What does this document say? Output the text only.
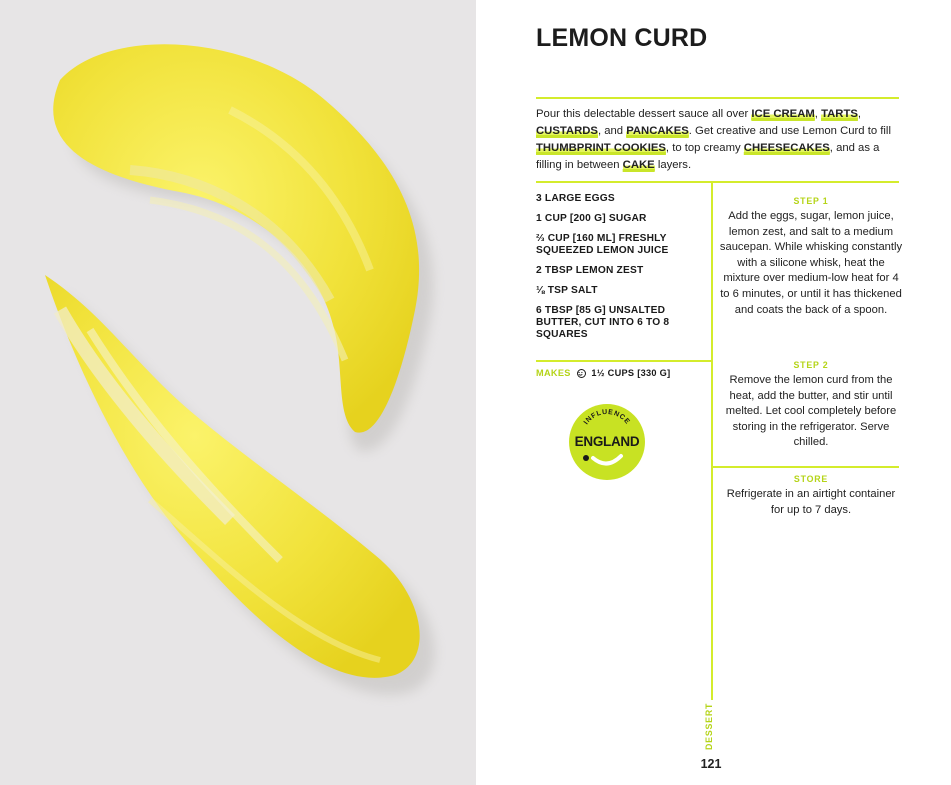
LEMON CURD
Pour this delectable dessert sauce all over ICE CREAM, TARTS, CUSTARDS, and PANCAKES. Get creative and use Lemon Curd to fill THUMBPRINT COOKIES, to top creamy CHEESECAKES, and as a filling in between CAKE layers.
3 LARGE EGGS
1 CUP [200 G] SUGAR
⅔ CUP [160 ML] FRESHLY SQUEEZED LEMON JUICE
2 TBSP LEMON ZEST
⅛ TSP SALT
6 TBSP [85 G] UNSALTED BUTTER, CUT INTO 6 TO 8 SQUARES
MAKES 1½ CUPS [330 G]
INFLUENCE
ENGLAND
STEP 1
Add the eggs, sugar, lemon juice, lemon zest, and salt to a medium saucepan. While whisking constantly with a silicone whisk, heat the mixture over medium-low heat for 4 to 6 minutes, or until it has thickened and coats the back of a spoon.
STEP 2
Remove the lemon curd from the heat, add the butter, and stir until melted. Let cool completely before storing in the refrigerator. Serve chilled.
STORE
Refrigerate in an airtight container for up to 7 days.
DESSERT
121
